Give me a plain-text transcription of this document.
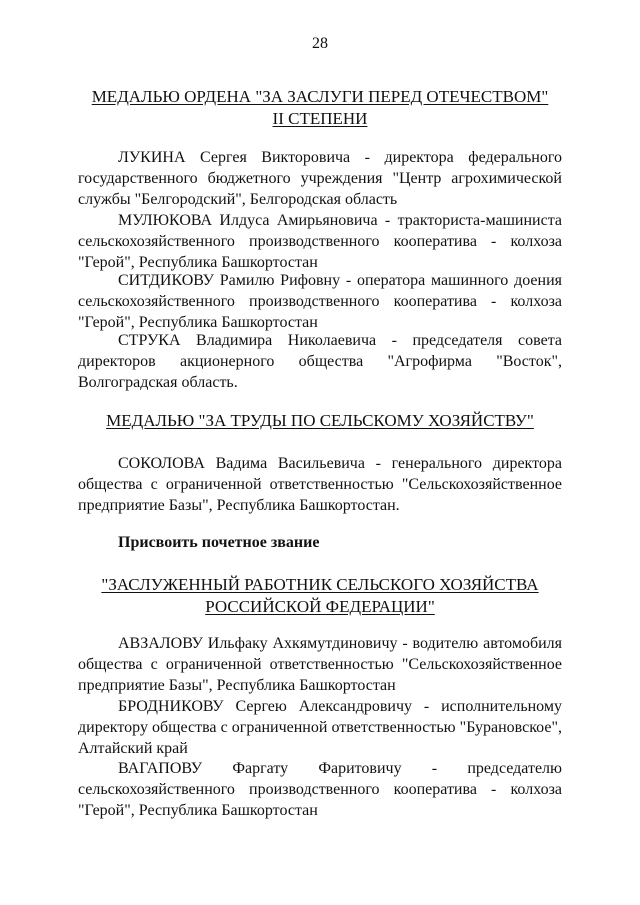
28
МЕДАЛЬЮ ОРДЕНА "ЗА ЗАСЛУГИ ПЕРЕД ОТЕЧЕСТВОМ"
II СТЕПЕНИ

ЛУКИНА Сергея Викторовича - директора федерального государственного бюджетного учреждения "Центр агрохимической службы "Белгородский", Белгородская область

МУЛЮКОВА Илдуса Амирьяновича - тракториста-машиниста сельскохозяйственного производственного кооператива - колхоза "Герой", Республика Башкортостан

СИТДИКОВУ Рамилю Рифовну - оператора машинного доения сельскохозяйственного производственного кооператива - колхоза "Герой", Республика Башкортостан

СТРУКА Владимира Николаевича - председателя совета директоров акционерного общества "Агрофирма "Восток", Волгоградская область.

МЕДАЛЬЮ "ЗА ТРУДЫ ПО СЕЛЬСКОМУ ХОЗЯЙСТВУ"

СОКОЛОВА Вадима Васильевича - генерального директора общества с ограниченной ответственностью "Сельскохозяйственное предприятие Базы", Республика Башкортостан.

Присвоить почетное звание
"ЗАСЛУЖЕННЫЙ РАБОТНИК СЕЛЬСКОГО ХОЗЯЙСТВА
РОССИЙСКОЙ ФЕДЕРАЦИИ"

АВЗАЛОВУ Ильфаку Ахкямутдиновичу - водителю автомобиля общества с ограниченной ответственностью "Сельскохозяйственное предприятие Базы", Республика Башкортостан

БРОДНИКОВУ Сергею Александровичу - исполнительному директору общества с ограниченной ответственностью "Бурановское", Алтайский край

ВАГАПОВУ Фаргату Фаритовичу - председателю сельскохозяйственного производственного кооператива - колхоза "Герой", Республика Башкортостан
